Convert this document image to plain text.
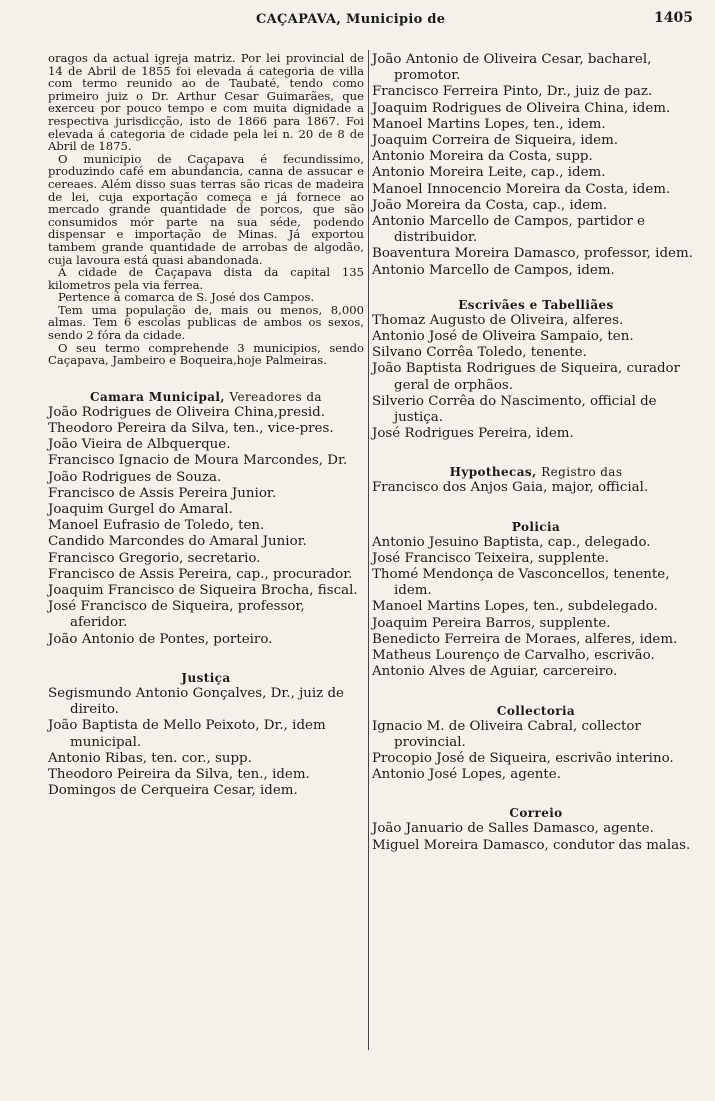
CAÇAPAVA, Municipio de	1405

oragos da actual igreja matriz. Por lei provincial de 14 de Abril de 1855 foi elevada á categoria de villa com termo reunido ao de Taubaté, tendo como primeiro juiz o Dr. Arthur Cesar Guimarães, que exerceu por pouco tempo e com muita dignidade a respectiva jurisdicção, isto de 1866 para 1867. Foi elevada á categoria de cidade pela lei n. 20 de 8 de Abril de 1875.

O municipio de Caçapava é fecundissimo, produzindo café em abundancia, canna de assucar e cereaes. Além disso suas terras são ricas de madeira de lei, cuja exportação começa e já fornece ao mercado grande quantidade de porcos, que são consumidos mór parte na sua séde, podendo dispensar e importação de Minas. Já exportou tambem grande quantidade de arrobas de algodão, cuja lavoura está quasi abandonada.

A cidade de Caçapava dista da capital 135 kilometros pela via ferrea.

Pertence á comarca de S. José dos Campos.

Tem uma população de, mais ou menos, 8,000 almas. Tem 6 escolas publicas de ambos os sexos, sendo 2 fóra da cidade.

O seu termo comprehende 3 municipios, sendo Caçapava, Jambeiro e Boqueira,hoje Palmeiras.

Camara Municipal, Vereadores da
João Rodrigues de Oliveira China,presid.
Theodoro Pereira da Silva, ten., vice-pres.
João Vieira de Albquerque.
Francisco Ignacio de Moura Marcondes, Dr.
João Rodrigues de Souza.
Francisco de Assis Pereira Junior.
Joaquim Gurgel do Amaral.
Manoel Eufrasio de Toledo, ten.
Candido Marcondes do Amaral Junior.
Francisco Gregorio, secretario.
Francisco de Assis Pereira, cap., procurador.
Joaquim Francisco de Siqueira Brocha, fiscal.
José Francisco de Siqueira, professor, aferidor.
João Antonio de Pontes, porteiro.
Justiça
Segismundo Antonio Gonçalves, Dr., juiz de direito.
João Baptista de Mello Peixoto, Dr., idem municipal.
Antonio Ribas, ten. cor., supp.
Theodoro Peireira da Silva, ten., idem.
Domingos de Cerqueira Cesar, idem.
João Antonio de Oliveira Cesar, bacharel, promotor.
Francisco Ferreira Pinto, Dr., juiz de paz.
Joaquim Rodrigues de Oliveira China, idem.
Manoel Martins Lopes, ten., idem.
Joaquim Correira de Siqueira, idem.
Antonio Moreira da Costa, supp.
Antonio Moreira Leite, cap., idem.
Manoel Innocencio Moreira da Costa, idem.
João Moreira da Costa, cap., idem.
Antonio Marcello de Campos, partidor e distribuidor.
Boaventura Moreira Damasco, professor, idem.
Antonio Marcello de Campos, idem.
Escrivães e Tabelliães
Thomaz Augusto de Oliveira, alferes.
Antonio José de Oliveira Sampaio, ten.
Silvano Corrêa Toledo, tenente.
João Baptista Rodrigues de Siqueira, curador geral de orphãos.
Silverio Corrêa do Nascimento, official de justiça.
José Rodrigues Pereira, idem.
Hypothecas, Registro das
Francisco dos Anjos Gaia, major, official.
Policia
Antonio Jesuino Baptista, cap., delegado.
José Francisco Teixeira, supplente.
Thomé Mendonça de Vasconcellos, tenente, idem.
Manoel Martins Lopes, ten., subdelegado.
Joaquim Pereira Barros, supplente.
Benedicto Ferreira de Moraes, alferes, idem.
Matheus Lourenço de Carvalho, escrivão.
Antonio Alves de Aguiar, carcereiro.
Collectoria
Ignacio M. de Oliveira Cabral, collector provincial.
Procopio José de Siqueira, escrivão interino.
Antonio José Lopes, agente.
Correio
João Januario de Salles Damasco, agente.
Miguel Moreira Damasco, condutor das malas.
